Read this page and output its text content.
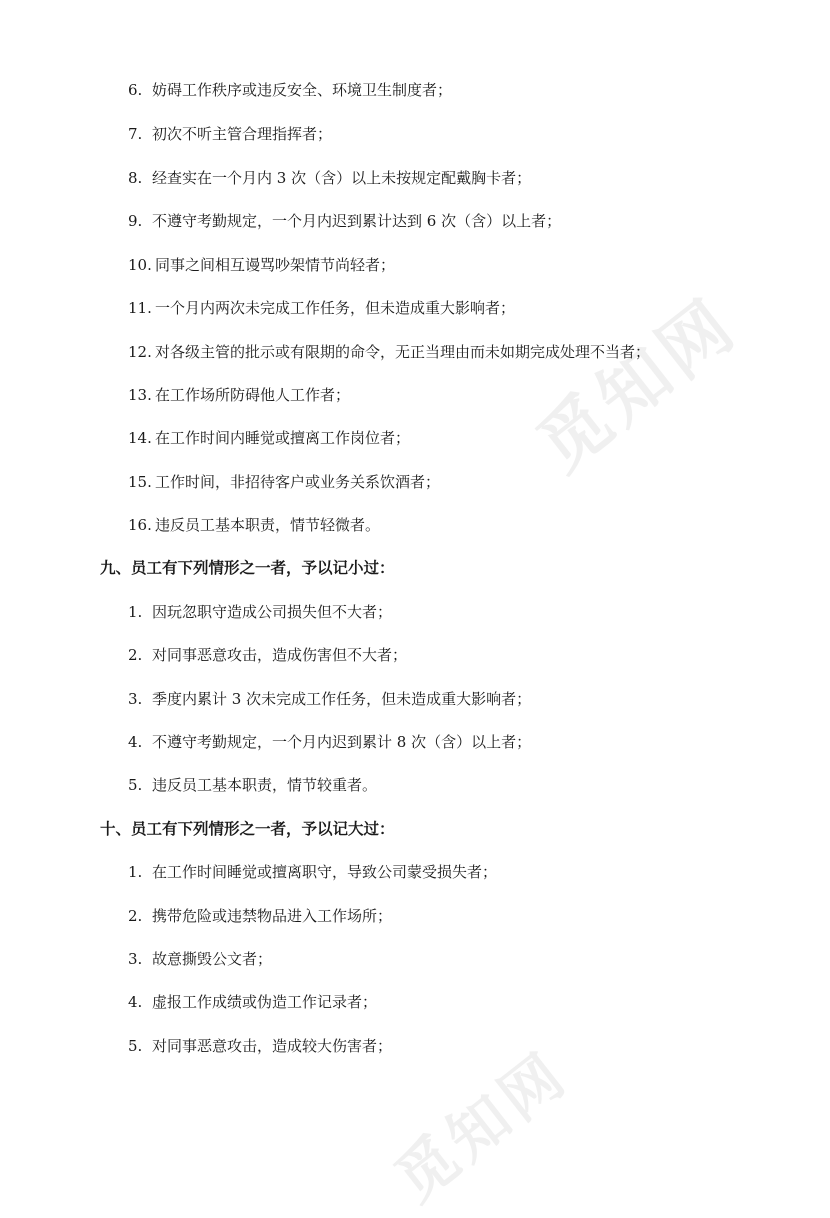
觅知网
觅知网
6. 妨碍工作秩序或违反安全、环境卫生制度者；
7. 初次不听主管合理指挥者；
8. 经查实在一个月内 3 次（含）以上未按规定配戴胸卡者；
9. 不遵守考勤规定，一个月内迟到累计达到 6 次（含）以上者；
10. 同事之间相互谩骂吵架情节尚轻者；
11. 一个月内两次未完成工作任务，但未造成重大影响者；
12. 对各级主管的批示或有限期的命令，无正当理由而未如期完成处理不当者；
13. 在工作场所防碍他人工作者；
14. 在工作时间内睡觉或擅离工作岗位者；
15. 工作时间，非招待客户或业务关系饮酒者；
16. 违反员工基本职责，情节轻微者。
九、员工有下列情形之一者，予以记小过：
1. 因玩忽职守造成公司损失但不大者；
2. 对同事恶意攻击，造成伤害但不大者；
3. 季度内累计 3 次未完成工作任务，但未造成重大影响者；
4. 不遵守考勤规定，一个月内迟到累计 8 次（含）以上者；
5. 违反员工基本职责，情节较重者。
十、员工有下列情形之一者，予以记大过：
1. 在工作时间睡觉或擅离职守，导致公司蒙受损失者；
2. 携带危险或违禁物品进入工作场所；
3. 故意撕毁公文者；
4. 虚报工作成绩或伪造工作记录者；
5. 对同事恶意攻击，造成较大伤害者；
